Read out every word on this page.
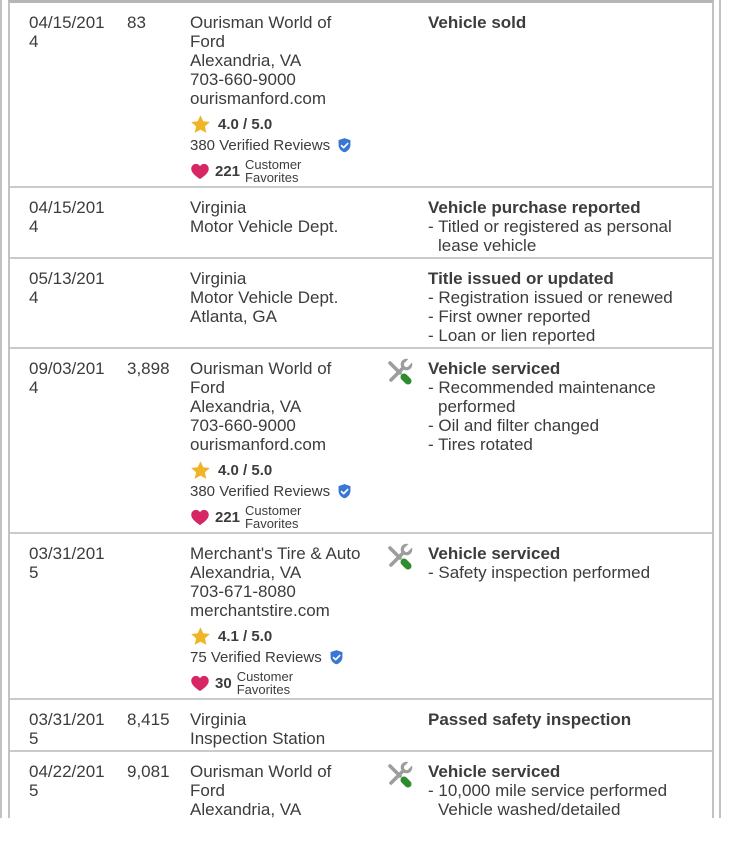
04/15/2014
83	Ourisman World of Ford
Alexandria, VA
703-660-9000
ourismanford.com
4.0 / 5.0
380 Verified Reviews
221 Customer Favorites
Vehicle sold
04/15/2014
Virginia
Motor Vehicle Dept.
Vehicle purchase reported
- Titled or registered as personal lease vehicle
05/13/2014
Virginia
Motor Vehicle Dept.
Atlanta, GA
Title issued or updated
- Registration issued or renewed
- First owner reported
- Loan or lien reported
09/03/2014
3,898 Ourisman World of Ford
Alexandria, VA
703-660-9000
ourismanford.com
4.0 / 5.0
380 Verified Reviews
221 Customer Favorites
Vehicle serviced
- Recommended maintenance performed
- Oil and filter changed
- Tires rotated
03/31/2015
Merchant's Tire & Auto
Alexandria, VA
703-671-8080
merchantstire.com
4.1 / 5.0
75 Verified Reviews
30 Customer Favorites
Vehicle serviced
- Safety inspection performed
03/31/2015
8,415 Virginia
Inspection Station
Passed safety inspection
04/22/2015
9,081 Ourisman World of Ford
Alexandria, VA
Vehicle serviced
- 10,000 mile service performed
Vehicle washed/detailed
